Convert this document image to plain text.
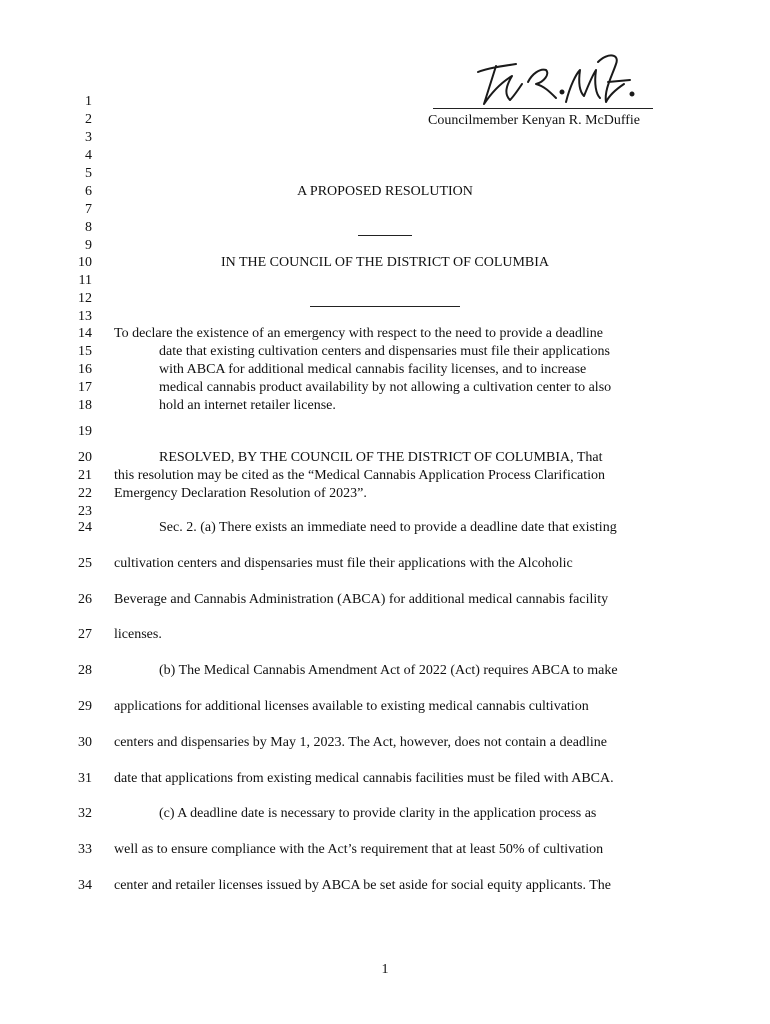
Councilmember Kenyan R. McDuffie
1
2
3
4
5
6
7
8
9
10
11
12
13
14
15
16
17
18
19
20
21
22
23
24
25
26
27
28
29
30
31
32
33
34
A PROPOSED RESOLUTION
IN THE COUNCIL OF THE DISTRICT OF COLUMBIA
To declare the existence of an emergency with respect to the need to provide a deadline
date that existing cultivation centers and dispensaries must file their applications
with ABCA for additional medical cannabis facility licenses, and to increase
medical cannabis product availability by not allowing a cultivation center to also
hold an internet retailer license.
RESOLVED, BY THE COUNCIL OF THE DISTRICT OF COLUMBIA, That
this resolution may be cited as the “Medical Cannabis Application Process Clarification
Emergency Declaration Resolution of 2023”.
Sec. 2. (a) There exists an immediate need to provide a deadline date that existing
cultivation centers and dispensaries must file their applications with the Alcoholic
Beverage and Cannabis Administration (ABCA) for additional medical cannabis facility
licenses.
(b) The Medical Cannabis Amendment Act of 2022 (Act) requires ABCA to make
applications for additional licenses available to existing medical cannabis cultivation
centers and dispensaries by May 1, 2023. The Act, however, does not contain a deadline
date that applications from existing medical cannabis facilities must be filed with ABCA.
(c) A deadline date is necessary to provide clarity in the application process as
well as to ensure compliance with the Act’s requirement that at least 50% of cultivation
center and retailer licenses issued by ABCA be set aside for social equity applicants. The
1
